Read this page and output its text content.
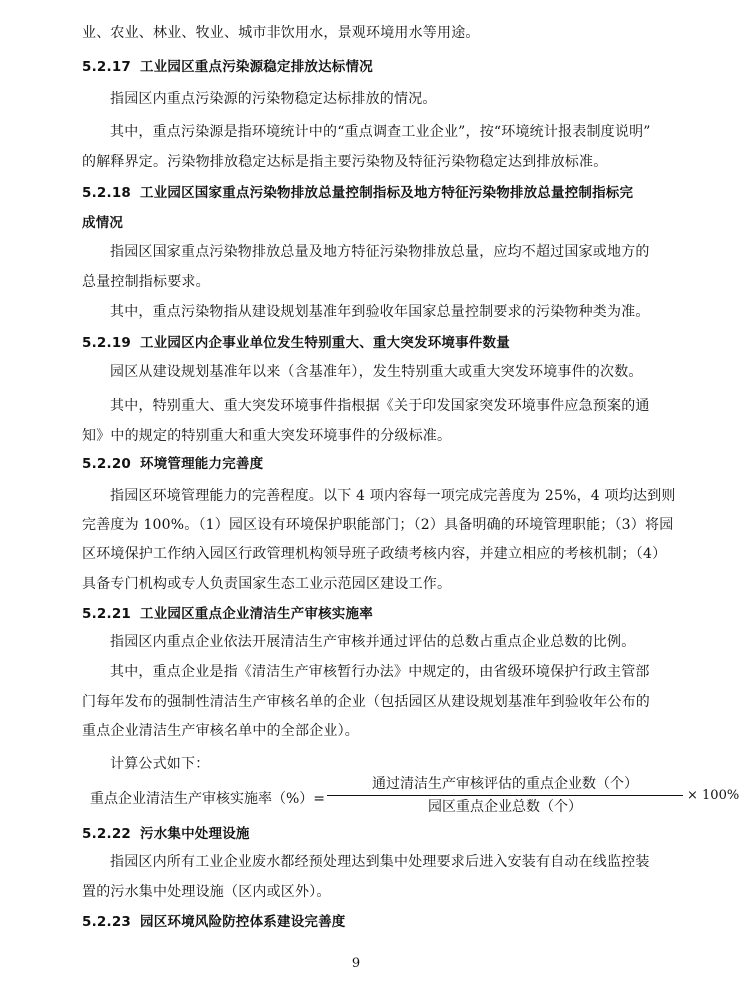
业、农业、林业、牧业、城市非饮用水，景观环境用水等用途。
5.2.17 工业园区重点污染源稳定排放达标情况
指园区内重点污染源的污染物稳定达标排放的情况。
其中，重点污染源是指环境统计中的“重点调查工业企业”，按“环境统计报表制度说明”
的解释界定。污染物排放稳定达标是指主要污染物及特征污染物稳定达到排放标准。
5.2.18 工业园区国家重点污染物排放总量控制指标及地方特征污染物排放总量控制指标完
成情况
指园区国家重点污染物排放总量及地方特征污染物排放总量，应均不超过国家或地方的
总量控制指标要求。
其中，重点污染物指从建设规划基准年到验收年国家总量控制要求的污染物种类为准。
5.2.19 工业园区内企事业单位发生特别重大、重大突发环境事件数量
园区从建设规划基准年以来（含基准年），发生特别重大或重大突发环境事件的次数。
其中，特别重大、重大突发环境事件指根据《关于印发国家突发环境事件应急预案的通
知》中的规定的特别重大和重大突发环境事件的分级标准。
5.2.20 环境管理能力完善度
指园区环境管理能力的完善程度。以下 4 项内容每一项完成完善度为 25%，4 项均达到则
完善度为 100%。（1）园区设有环境保护职能部门；（2）具备明确的环境管理职能；（3）将园
区环境保护工作纳入园区行政管理机构领导班子政绩考核内容，并建立相应的考核机制；（4）
具备专门机构或专人负责国家生态工业示范园区建设工作。
5.2.21 工业园区重点企业清洁生产审核实施率
指园区内重点企业依法开展清洁生产审核并通过评估的总数占重点企业总数的比例。
其中，重点企业是指《清洁生产审核暂行办法》中规定的，由省级环境保护行政主管部
门每年发布的强制性清洁生产审核名单的企业（包括园区从建设规划基准年到验收年公布的
重点企业清洁生产审核名单中的全部企业）。
计算公式如下：
重点企业清洁生产审核实施率（%）=
通过清洁生产审核评估的重点企业数（个）
园区重点企业总数（个）
× 100%
5.2.22 污水集中处理设施
指园区内所有工业企业废水都经预处理达到集中处理要求后进入安装有自动在线监控装
置的污水集中处理设施（区内或区外）。
5.2.23 园区环境风险防控体系建设完善度
9
